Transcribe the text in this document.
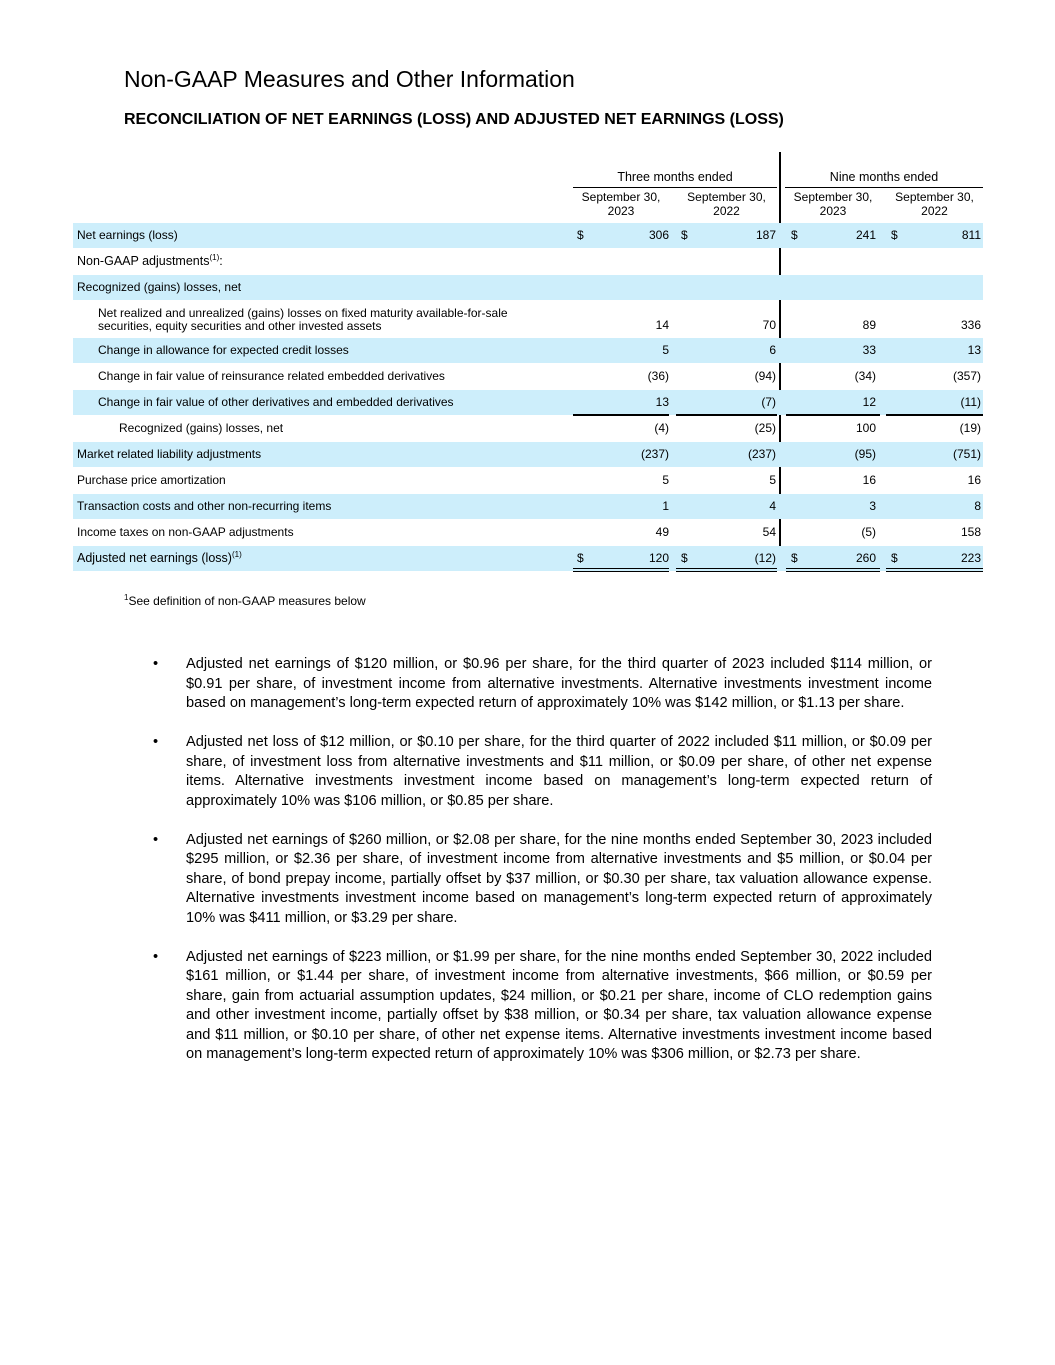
Non-GAAP Measures and Other Information
RECONCILIATION OF NET EARNINGS (LOSS) AND ADJUSTED NET EARNINGS (LOSS)
Three months ended	Nine months ended
September 30,
2023
September 30,
2022
September 30,
2023
September 30,
2022
Net earnings (loss)	$	306 $	187 $	241 $	811
Non-GAAP adjustments$^{(1)}$:
Recognized (gains) losses, net
Net realized and unrealized (gains) losses on fixed maturity available-for-sale
securities, equity securities and other invested assets	14	70	89	336
Change in allowance for expected credit losses	5	6	33	13
Change in fair value of reinsurance related embedded derivatives	(36)	(94)	(34)	(357)
Change in fair value of other derivatives and embedded derivatives	13	(7)	12	(11)
Recognized (gains) losses, net	(4)	(25)	100	(19)
Market related liability adjustments	(237)	(237)	(95)	(751)
Purchase price amortization	5	5	16	16
Transaction costs and other non-recurring items	1	4	3	8
Income taxes on non-GAAP adjustments	49	54	(5)	158
Adjusted net earnings (loss)$^{(1)}$	$	120 $	(12) $	260 $	223
$^1$See definition of non-GAAP measures below
• Adjusted net earnings of $120 million, or $0.96 per share, for the third quarter of 2023 included $114 million, or $0.91 per share, of investment income from alternative investments. Alternative investments investment income based on management’s long-term expected return of approximately 10% was $142 million, or $1.13 per share.
• Adjusted net loss of $12 million, or $0.10 per share, for the third quarter of 2022 included $11 million, or $0.09 per share, of investment loss from alternative investments and $11 million, or $0.09 per share, of other net expense items. Alternative investments investment income based on management’s long-term expected return of approximately 10% was $106 million, or $0.85 per share.
• Adjusted net earnings of $260 million, or $2.08 per share, for the nine months ended September 30, 2023 included $295 million, or $2.36 per share, of investment income from alternative investments and $5 million, or $0.04 per share, of bond prepay income, partially offset by $37 million, or $0.30 per share, tax valuation allowance expense. Alternative investments investment income based on management’s long-term expected return of approximately 10% was $411 million, or $3.29 per share.
• Adjusted net earnings of $223 million, or $1.99 per share, for the nine months ended September 30, 2022 included $161 million, or $1.44 per share, of investment income from alternative investments, $66 million, or $0.59 per share, gain from actuarial assumption updates, $24 million, or $0.21 per share, income of CLO redemption gains and other investment income, partially offset by $38 million, or $0.34 per share, tax valuation allowance expense and $11 million, or $0.10 per share, of other net expense items. Alternative investments investment income based on management’s long-term expected return of approximately 10% was $306 million, or $2.73 per share.
